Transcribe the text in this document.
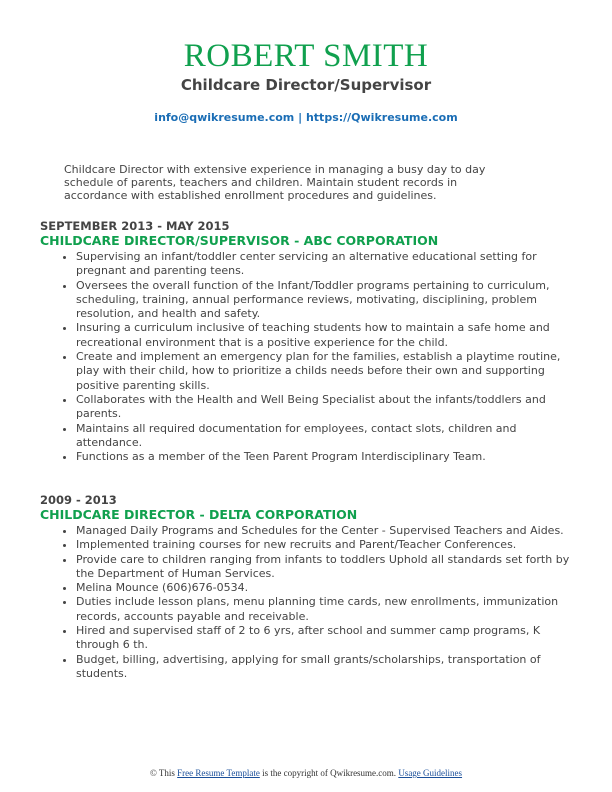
ROBERT SMITH
Childcare Director/Supervisor
info@qwikresume.com | https://Qwikresume.com
Childcare Director with extensive experience in managing a busy day to day schedule of parents, teachers and children. Maintain student records in accordance with established enrollment procedures and guidelines.
SEPTEMBER 2013 - MAY 2015
CHILDCARE DIRECTOR/SUPERVISOR - ABC CORPORATION
• Supervising an infant/toddler center servicing an alternative educational setting for pregnant and parenting teens.
• Oversees the overall function of the Infant/Toddler programs pertaining to curriculum, scheduling, training, annual performance reviews, motivating, disciplining, problem resolution, and health and safety.
• Insuring a curriculum inclusive of teaching students how to maintain a safe home and recreational environment that is a positive experience for the child.
• Create and implement an emergency plan for the families, establish a playtime routine, play with their child, how to prioritize a childs needs before their own and supporting positive parenting skills.
• Collaborates with the Health and Well Being Specialist about the infants/toddlers and parents.
• Maintains all required documentation for employees, contact slots, children and attendance.
• Functions as a member of the Teen Parent Program Interdisciplinary Team.
2009 - 2013
CHILDCARE DIRECTOR - DELTA CORPORATION
• Managed Daily Programs and Schedules for the Center - Supervised Teachers and Aides.
• Implemented training courses for new recruits and Parent/Teacher Conferences.
• Provide care to children ranging from infants to toddlers Uphold all standards set forth by the Department of Human Services.
• Melina Mounce (606)676-0534.
• Duties include lesson plans, menu planning time cards, new enrollments, immunization records, accounts payable and receivable.
• Hired and supervised staff of 2 to 6 yrs, after school and summer camp programs, K through 6 th.
• Budget, billing, advertising, applying for small grants/scholarships, transportation of students.
© This Free Resume Template is the copyright of Qwikresume.com. Usage Guidelines
